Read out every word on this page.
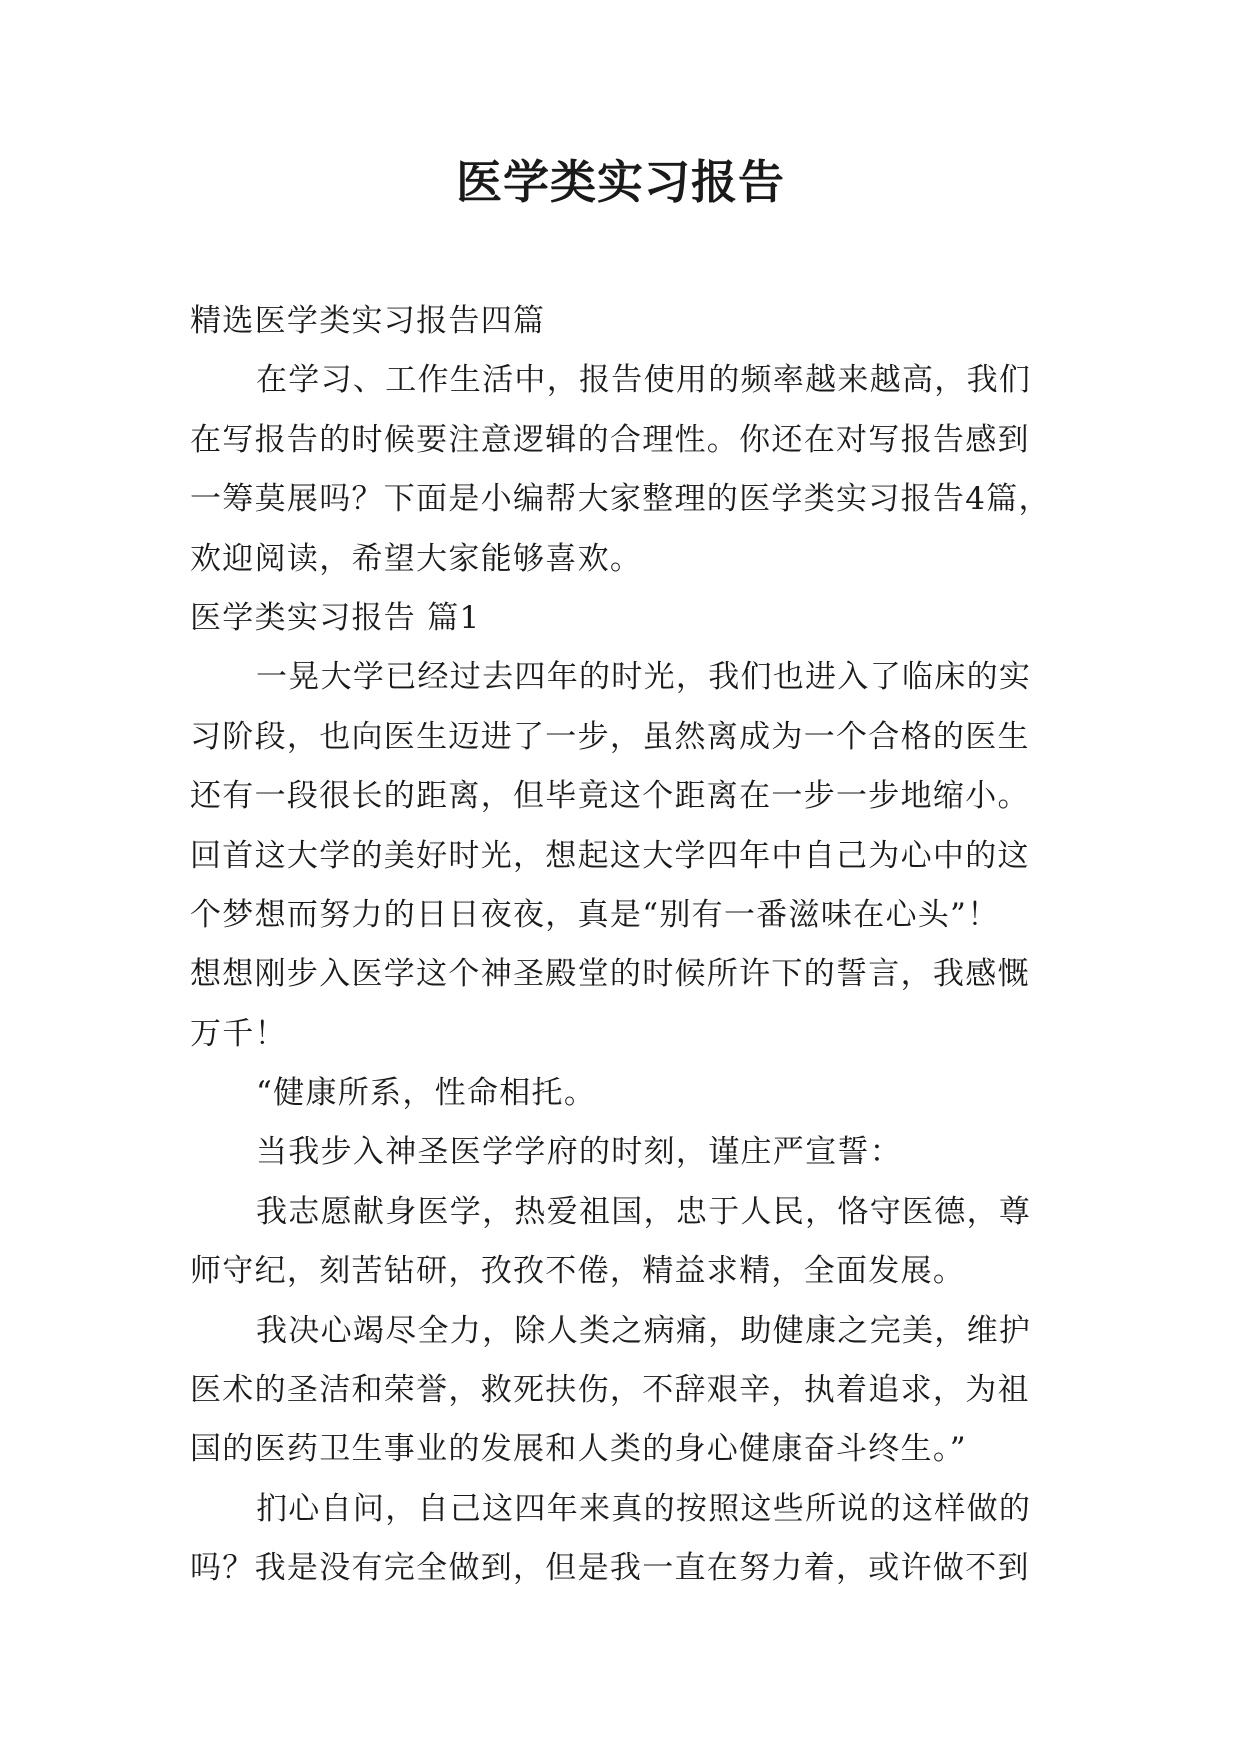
医学类实习报告
精选医学类实习报告四篇
在学习、工作生活中，报告使用的频率越来越高，我们
在写报告的时候要注意逻辑的合理性。你还在对写报告感到
一筹莫展吗？下面是小编帮大家整理的医学类实习报告4篇，
欢迎阅读，希望大家能够喜欢。
医学类实习报告 篇1
一晃大学已经过去四年的时光，我们也进入了临床的实
习阶段，也向医生迈进了一步，虽然离成为一个合格的医生
还有一段很长的距离，但毕竟这个距离在一步一步地缩小。
回首这大学的美好时光，想起这大学四年中自己为心中的这
个梦想而努力的日日夜夜，真是“别有一番滋味在心头”！
想想刚步入医学这个神圣殿堂的时候所许下的誓言，我感慨
万千！
“健康所系，性命相托。
当我步入神圣医学学府的时刻，谨庄严宣誓：
我志愿献身医学，热爱祖国，忠于人民，恪守医德，尊
师守纪，刻苦钻研，孜孜不倦，精益求精，全面发展。
我决心竭尽全力，除人类之病痛，助健康之完美，维护
医术的圣洁和荣誉，救死扶伤，不辞艰辛，执着追求，为祖
国的医药卫生事业的发展和人类的身心健康奋斗终生。”
扪心自问，自己这四年来真的按照这些所说的这样做的
吗？我是没有完全做到，但是我一直在努力着，或许做不到
